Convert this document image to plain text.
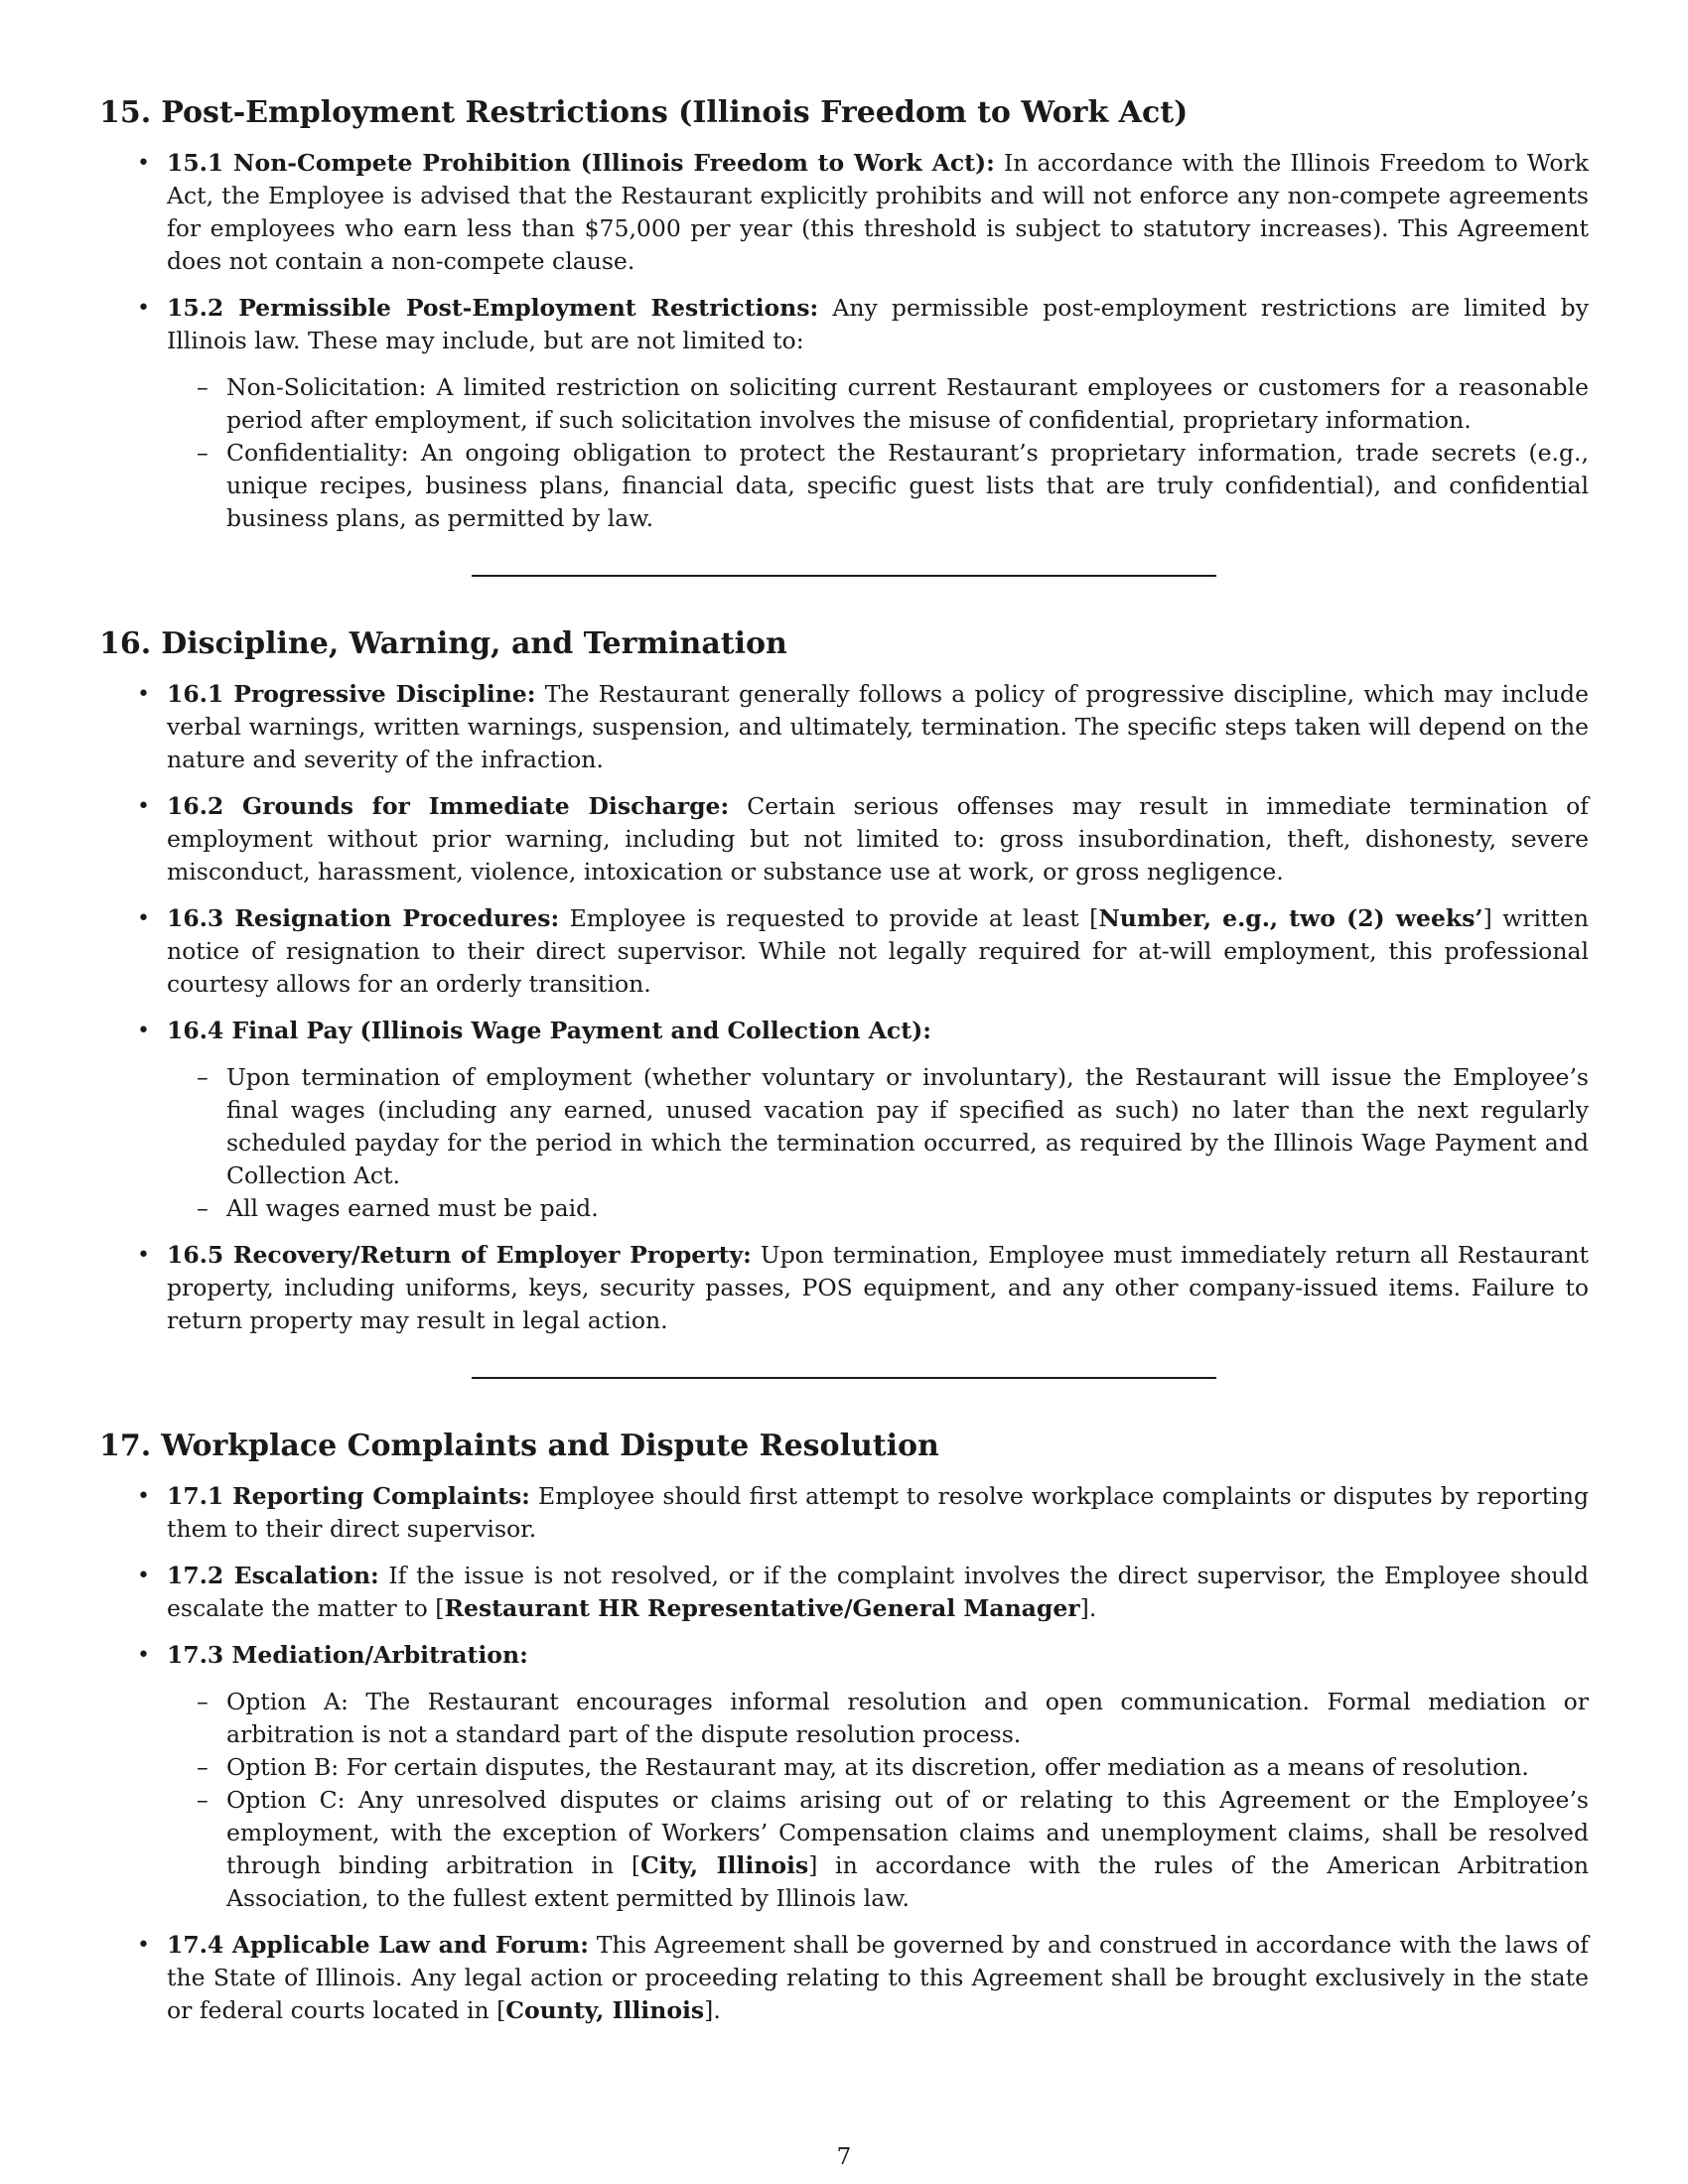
15. Post-Employment Restrictions (Illinois Freedom to Work Act)
• 15.1 Non-Compete Prohibition (Illinois Freedom to Work Act): In accordance with the Illinois Freedom to Work Act, the Employee is advised that the Restaurant explicitly prohibits and will not enforce any non-compete agreements for employees who earn less than $75,000 per year (this threshold is subject to statutory increases). This Agreement does not contain a non-compete clause.
• 15.2 Permissible Post-Employment Restrictions: Any permissible post-employment restrictions are limited by Illinois law. These may include, but are not limited to:
– Non-Solicitation: A limited restriction on soliciting current Restaurant employees or customers for a reasonable period after employment, if such solicitation involves the misuse of confidential, proprietary information.
– Confidentiality: An ongoing obligation to protect the Restaurant’s proprietary information, trade secrets (e.g., unique recipes, business plans, financial data, specific guest lists that are truly confidential), and confidential business plans, as permitted by law.
16. Discipline, Warning, and Termination
• 16.1 Progressive Discipline: The Restaurant generally follows a policy of progressive discipline, which may include verbal warnings, written warnings, suspension, and ultimately, termination. The specific steps taken will depend on the nature and severity of the infraction.
• 16.2 Grounds for Immediate Discharge: Certain serious offenses may result in immediate termination of employment without prior warning, including but not limited to: gross insubordination, theft, dishonesty, severe misconduct, harassment, violence, intoxication or substance use at work, or gross negligence.
• 16.3 Resignation Procedures: Employee is requested to provide at least [Number, e.g., two (2) weeks’] written notice of resignation to their direct supervisor. While not legally required for at-will employment, this professional courtesy allows for an orderly transition.
• 16.4 Final Pay (Illinois Wage Payment and Collection Act):
– Upon termination of employment (whether voluntary or involuntary), the Restaurant will issue the Employee’s final wages (including any earned, unused vacation pay if specified as such) no later than the next regularly scheduled payday for the period in which the termination occurred, as required by the Illinois Wage Payment and Collection Act.
– All wages earned must be paid.
• 16.5 Recovery/Return of Employer Property: Upon termination, Employee must immediately return all Restaurant property, including uniforms, keys, security passes, POS equipment, and any other company-issued items. Failure to return property may result in legal action.
17. Workplace Complaints and Dispute Resolution
• 17.1 Reporting Complaints: Employee should first attempt to resolve workplace complaints or disputes by reporting them to their direct supervisor.
• 17.2 Escalation: If the issue is not resolved, or if the complaint involves the direct supervisor, the Employee should escalate the matter to [Restaurant HR Representative/General Manager].
• 17.3 Mediation/Arbitration:
– Option A: The Restaurant encourages informal resolution and open communication. Formal mediation or arbitration is not a standard part of the dispute resolution process.
– Option B: For certain disputes, the Restaurant may, at its discretion, offer mediation as a means of resolution.
– Option C: Any unresolved disputes or claims arising out of or relating to this Agreement or the Employee’s employment, with the exception of Workers’ Compensation claims and unemployment claims, shall be resolved through binding arbitration in [City, Illinois] in accordance with the rules of the American Arbitration Association, to the fullest extent permitted by Illinois law.
• 17.4 Applicable Law and Forum: This Agreement shall be governed by and construed in accordance with the laws of the State of Illinois. Any legal action or proceeding relating to this Agreement shall be brought exclusively in the state or federal courts located in [County, Illinois].
7
